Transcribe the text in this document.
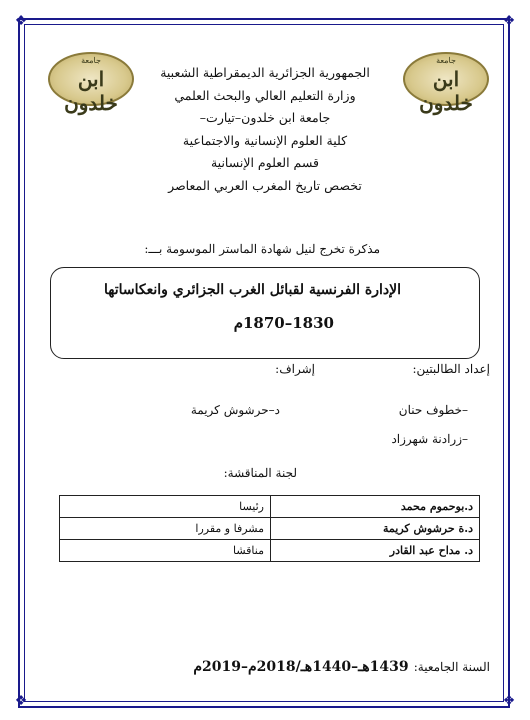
❖	❖
❖	❖
جامعة
ابن خلدون
جامعة
ابن خلدون
الجمهورية الجزائرية الديمقراطية الشعبية
وزارة التعليم العالي والبحث العلمي
جامعة ابن خلدون–تيارت–
كلية العلوم الإنسانية والاجتماعية
قسم العلوم الإنسانية
تخصص تاريخ المغرب العربي المعاصر
مذكرة تخرج لنيل شهادة الماستر الموسومة بـــ:
الإدارة الفرنسية لقبائل الغرب الجزائري وانعكاساتها
1830–1870م
إعداد الطالبتين:
إشراف:
–خطوف حنان
–زرادنة شهرزاد
د–حرشوش كريمة
لجنة المناقشة:
د.بوحموم محمد	رئيسا
د.ة حرشوش كريمة	مشرفا و مقررا
د. مداح عبد القادر	مناقشا
السنة الجامعية: 1439هـ–1440هـ/2018م–2019م
